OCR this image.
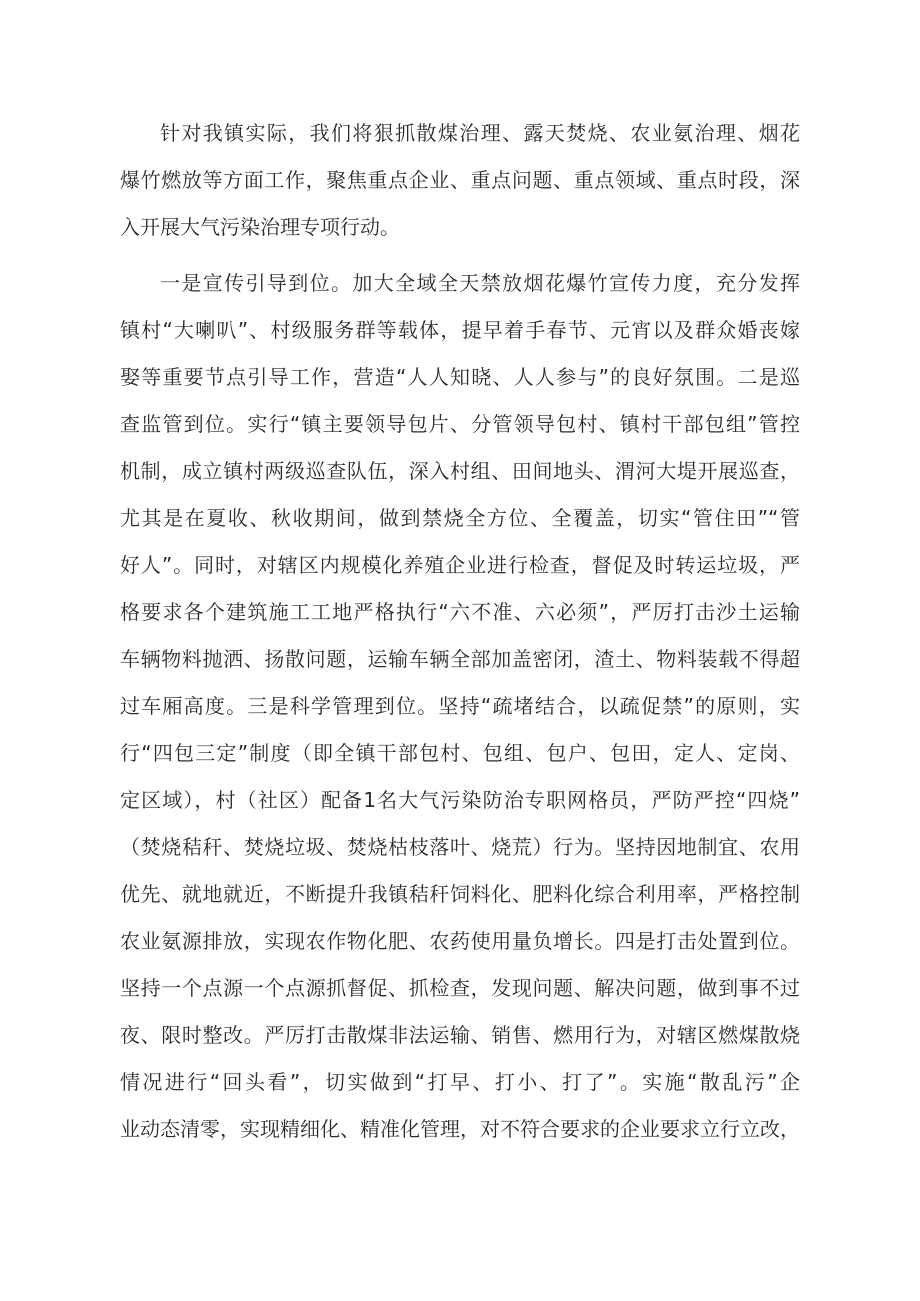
针对我镇实际，我们将狠抓散煤治理、露天焚烧、农业氨治理、烟花

爆竹燃放等方面工作，聚焦重点企业、重点问题、重点领域、重点时段，深

入开展大气污染治理专项行动。

一是宣传引导到位。加大全域全天禁放烟花爆竹宣传力度，充分发挥

镇村“大喇叭”、村级服务群等载体，提早着手春节、元宵以及群众婚丧嫁

娶等重要节点引导工作，营造“人人知晓、人人参与”的良好氛围。二是巡

查监管到位。实行“镇主要领导包片、分管领导包村、镇村干部包组”管控

机制，成立镇村两级巡查队伍，深入村组、田间地头、渭河大堤开展巡查，

尤其是在夏收、秋收期间，做到禁烧全方位、全覆盖，切实“管住田”“管

好人”。同时，对辖区内规模化养殖企业进行检查，督促及时转运垃圾，严

格要求各个建筑施工工地严格执行“六不准、六必须”，严厉打击沙土运输

车辆物料抛洒、扬散问题，运输车辆全部加盖密闭，渣土、物料装载不得超

过车厢高度。三是科学管理到位。坚持“疏堵结合，以疏促禁”的原则，实

行“四包三定”制度（即全镇干部包村、包组、包户、包田，定人、定岗、

定区域），村（社区）配备1名大气污染防治专职网格员，严防严控“四烧”

（焚烧秸秆、焚烧垃圾、焚烧枯枝落叶、烧荒）行为。坚持因地制宜、农用

优先、就地就近，不断提升我镇秸秆饲料化、肥料化综合利用率，严格控制

农业氨源排放，实现农作物化肥、农药使用量负增长。四是打击处置到位。

坚持一个点源一个点源抓督促、抓检查，发现问题、解决问题，做到事不过

夜、限时整改。严厉打击散煤非法运输、销售、燃用行为，对辖区燃煤散烧

情况进行“回头看”，切实做到“打早、打小、打了”。实施“散乱污”企

业动态清零，实现精细化、精准化管理，对不符合要求的企业要求立行立改，
